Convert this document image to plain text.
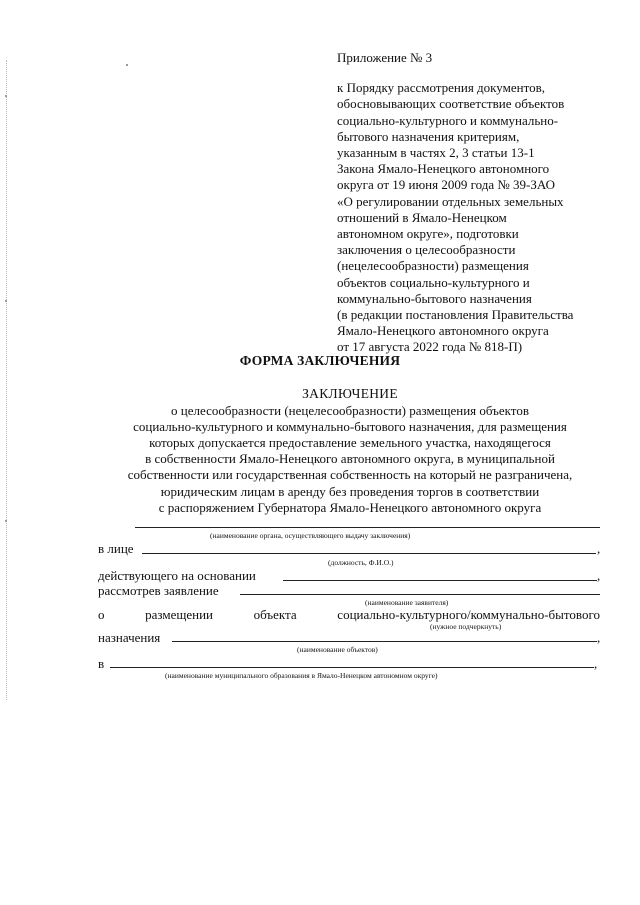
Приложение № 3
к Порядку рассмотрения документов,
обосновывающих соответствие объектов
социально-культурного и коммунально-
бытового назначения критериям,
указанным в частях 2, 3 статьи 13-1
Закона Ямало-Ненецкого автономного
округа от 19 июня 2009 года № 39-ЗАО
«О регулировании отдельных земельных
отношений в Ямало-Ненецком
автономном округе», подготовки
заключения о целесообразности
(нецелесообразности) размещения
объектов социально-культурного и
коммунально-бытового назначения
(в редакции постановления Правительства
Ямало-Ненецкого автономного округа
от 17 августа 2022 года № 818-П)
ФОРМА ЗАКЛЮЧЕНИЯ
ЗАКЛЮЧЕНИЕ
о целесообразности (нецелесообразности) размещения объектов
социально-культурного и коммунально-бытового назначения, для размещения
которых допускается предоставление земельного участка, находящегося
в собственности Ямало-Ненецкого автономного округа, в муниципальной
собственности или государственная собственность на который не разграничена,
юридическим лицам в аренду без проведения торгов в соответствии
с распоряжением Губернатора Ямало-Ненецкого автономного округа
(наименование органа, осуществляющего выдачу заключения)
в лице	,
(должность, Ф.И.О.)
действующего на основании	,
рассмотрев заявление
(наименование заявителя)
о	размещении	объекта	социально-культурного/коммунально-бытового
(нужное подчеркнуть)
назначения	,
(наименование объектов)
в	,
(наименование муниципального образования в Ямало-Ненецком автономном округе)
